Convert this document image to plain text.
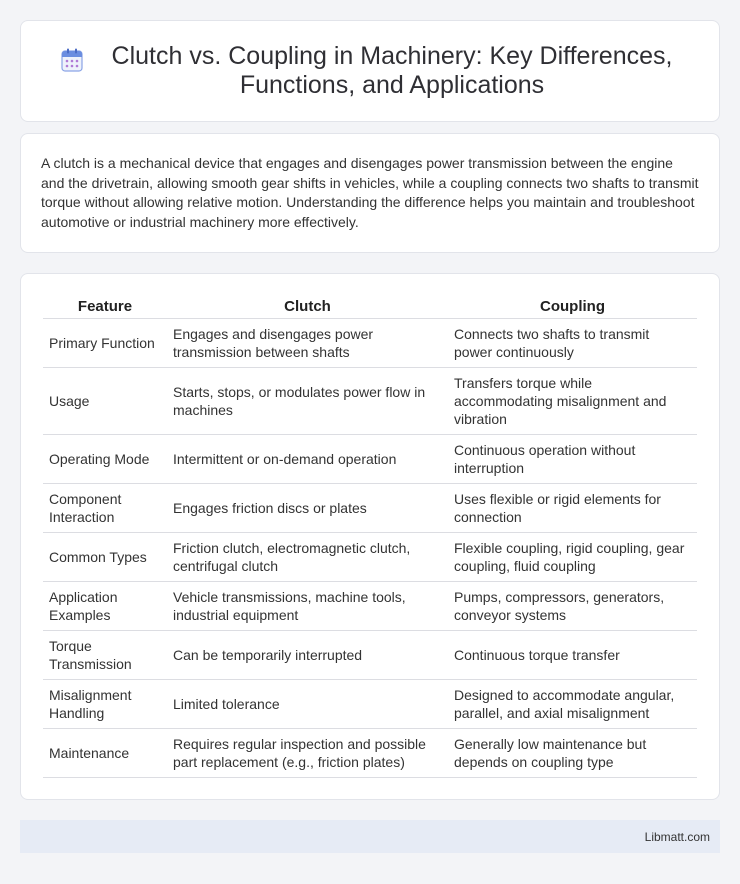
Clutch vs. Coupling in Machinery: Key Differences, Functions, and Applications

A clutch is a mechanical device that engages and disengages power transmission between the engine and the drivetrain, allowing smooth gear shifts in vehicles, while a coupling connects two shafts to transmit torque without allowing relative motion. Understanding the difference helps you maintain and troubleshoot automotive or industrial machinery more effectively.

Feature	Clutch	Coupling
Primary Function	Engages and disengages power transmission between shafts	Connects two shafts to transmit power continuously
Usage	Starts, stops, or modulates power flow in machines	Transfers torque while accommodating misalignment and vibration
Operating Mode	Intermittent or on-demand operation	Continuous operation without interruption
Component Interaction	Engages friction discs or plates	Uses flexible or rigid elements for connection
Common Types	Friction clutch, electromagnetic clutch, centrifugal clutch	Flexible coupling, rigid coupling, gear coupling, fluid coupling
Application Examples	Vehicle transmissions, machine tools, industrial equipment	Pumps, compressors, generators, conveyor systems
Torque Transmission	Can be temporarily interrupted	Continuous torque transfer
Misalignment Handling	Limited tolerance	Designed to accommodate angular, parallel, and axial misalignment
Maintenance	Requires regular inspection and possible part replacement (e.g., friction plates)	Generally low maintenance but depends on coupling type
Libmatt.com
